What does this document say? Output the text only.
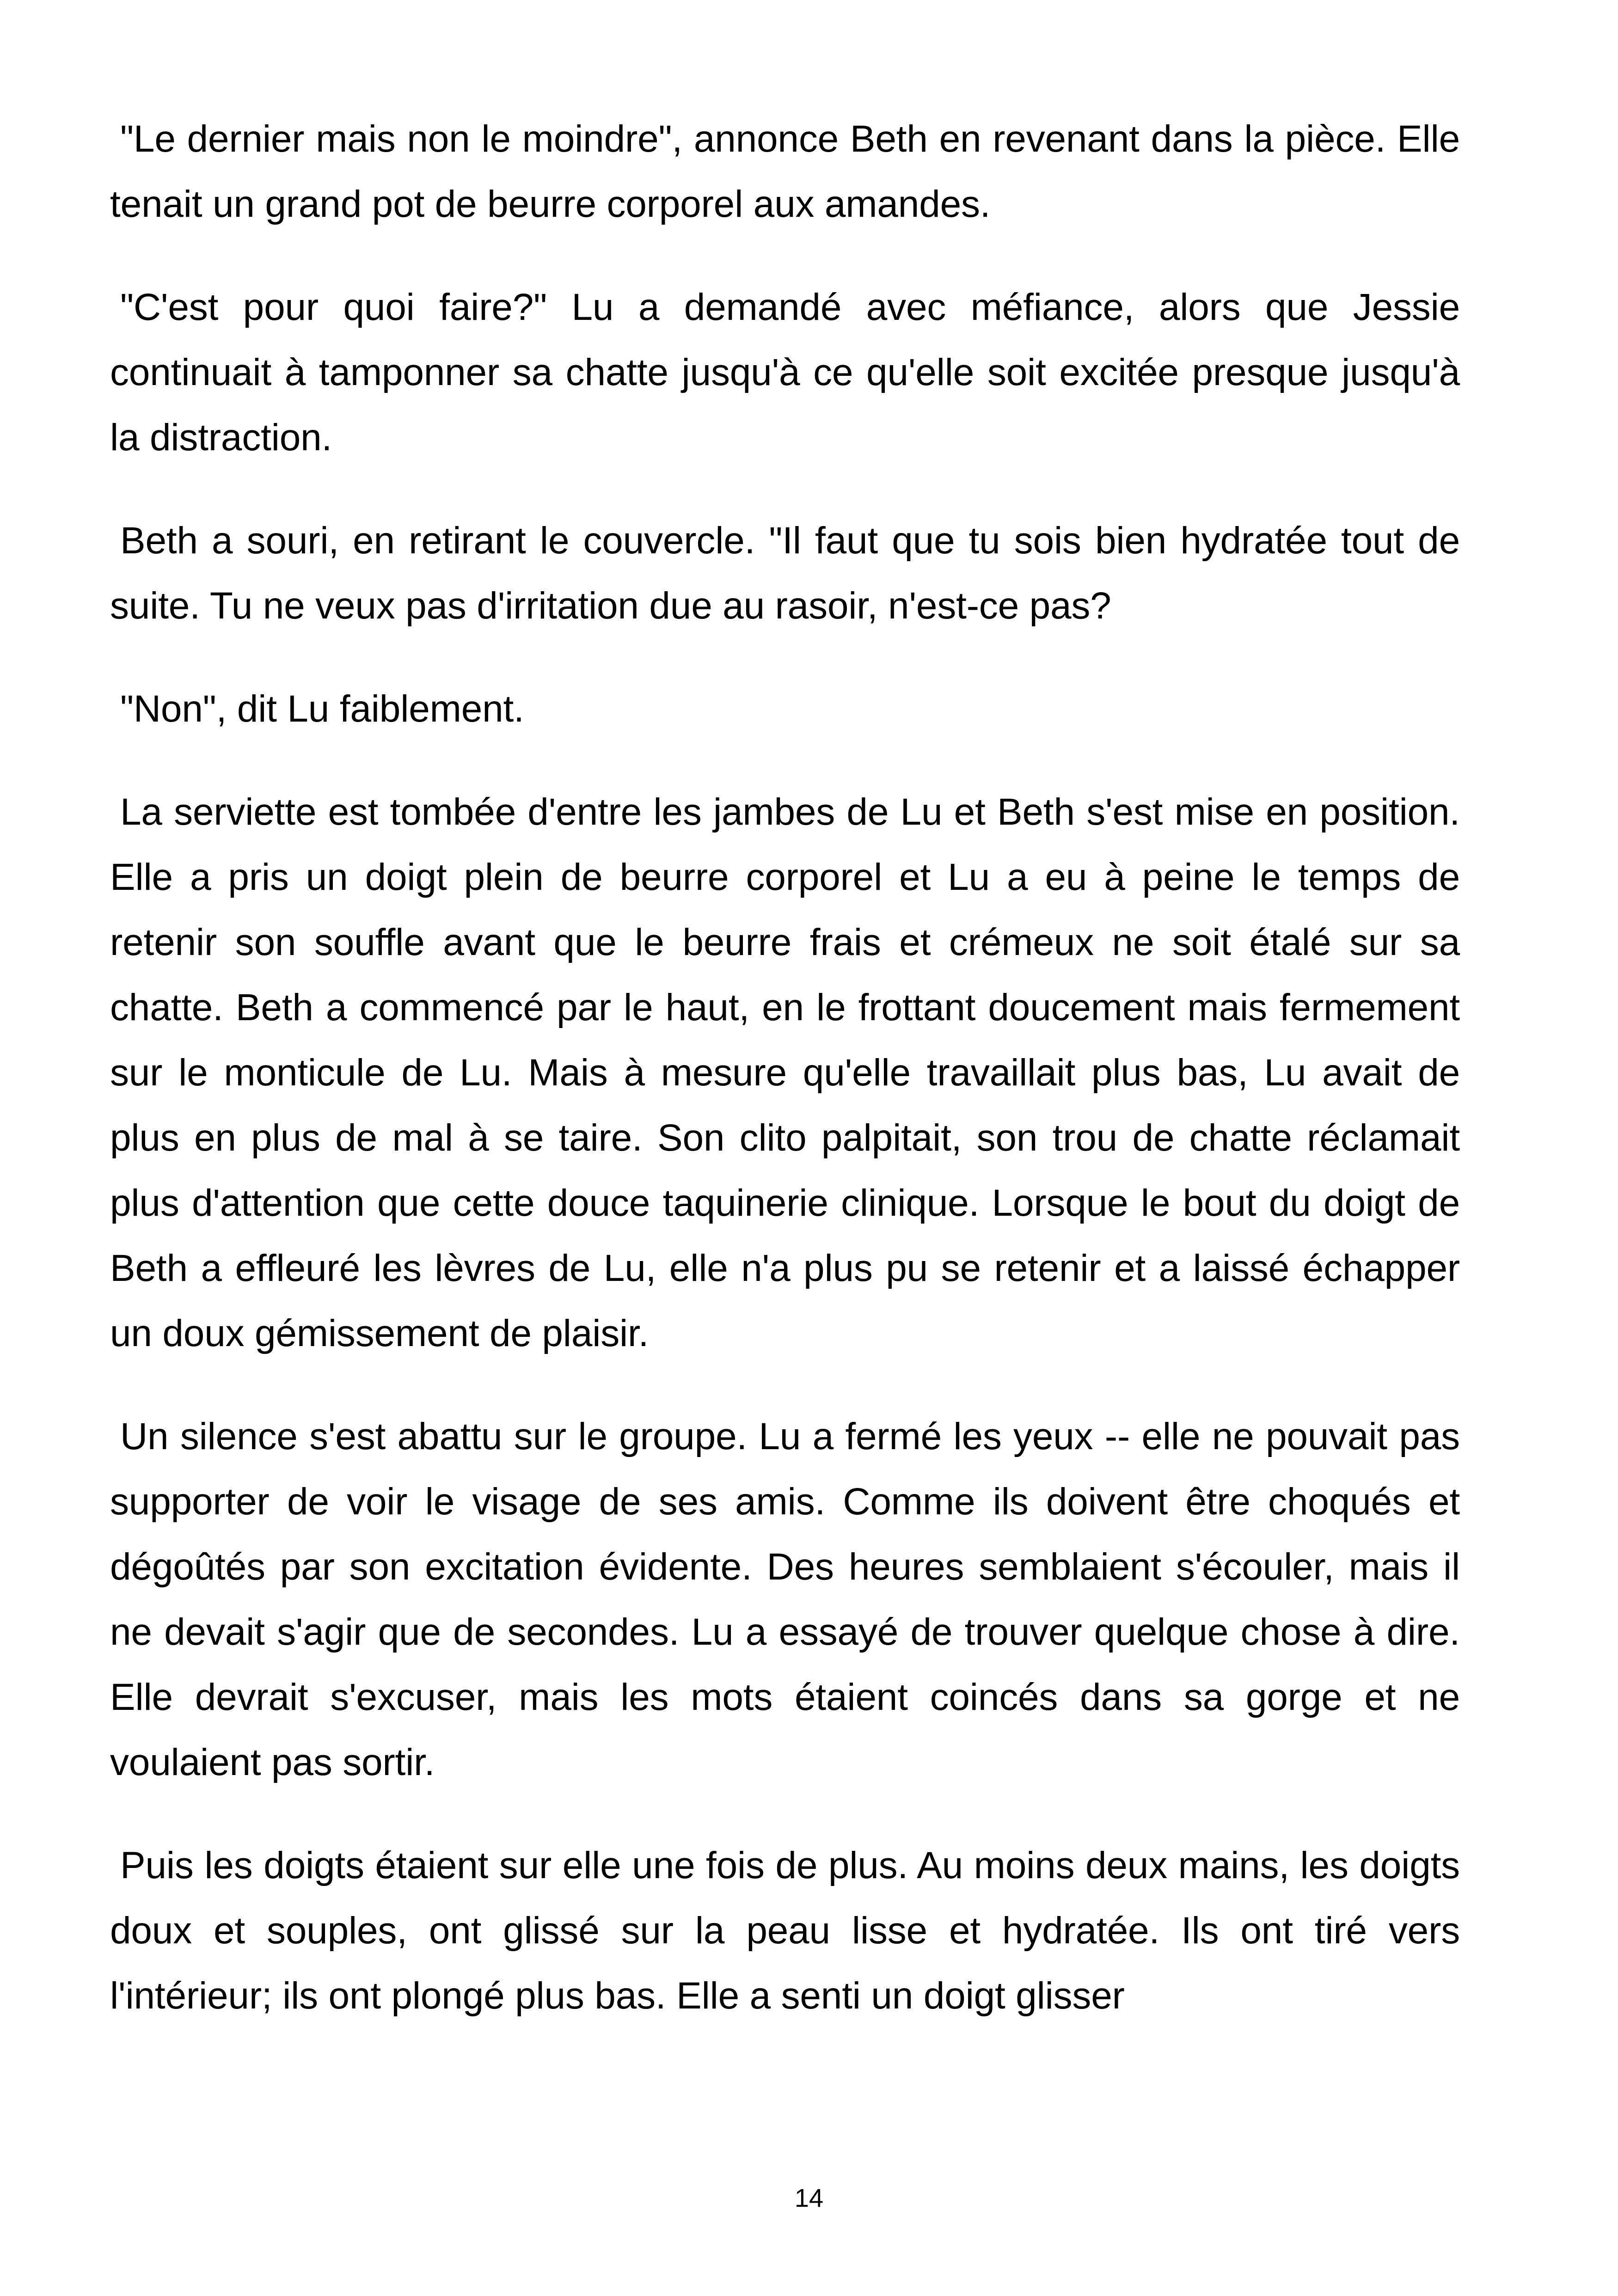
"Le dernier mais non le moindre", annonce Beth en revenant dans la pièce. Elle tenait un grand pot de beurre corporel aux amandes.

"C'est pour quoi faire?" Lu a demandé avec méfiance, alors que Jessie continuait à tamponner sa chatte jusqu'à ce qu'elle soit excitée presque jusqu'à la distraction.

Beth a souri, en retirant le couvercle. "Il faut que tu sois bien hydratée tout de suite. Tu ne veux pas d'irritation due au rasoir, n'est-ce pas?

"Non", dit Lu faiblement.

La serviette est tombée d'entre les jambes de Lu et Beth s'est mise en position. Elle a pris un doigt plein de beurre corporel et Lu a eu à peine le temps de retenir son souffle avant que le beurre frais et crémeux ne soit étalé sur sa chatte. Beth a commencé par le haut, en le frottant doucement mais fermement sur le monticule de Lu. Mais à mesure qu'elle travaillait plus bas, Lu avait de plus en plus de mal à se taire. Son clito palpitait, son trou de chatte réclamait plus d'attention que cette douce taquinerie clinique. Lorsque le bout du doigt de Beth a effleuré les lèvres de Lu, elle n'a plus pu se retenir et a laissé échapper un doux gémissement de plaisir.

Un silence s'est abattu sur le groupe. Lu a fermé les yeux -- elle ne pouvait pas supporter de voir le visage de ses amis. Comme ils doivent être choqués et dégoûtés par son excitation évidente. Des heures semblaient s'écouler, mais il ne devait s'agir que de secondes. Lu a essayé de trouver quelque chose à dire. Elle devrait s'excuser, mais les mots étaient coincés dans sa gorge et ne voulaient pas sortir.

Puis les doigts étaient sur elle une fois de plus. Au moins deux mains, les doigts doux et souples, ont glissé sur la peau lisse et hydratée. Ils ont tiré vers l'intérieur; ils ont plongé plus bas. Elle a senti un doigt glisser

14
